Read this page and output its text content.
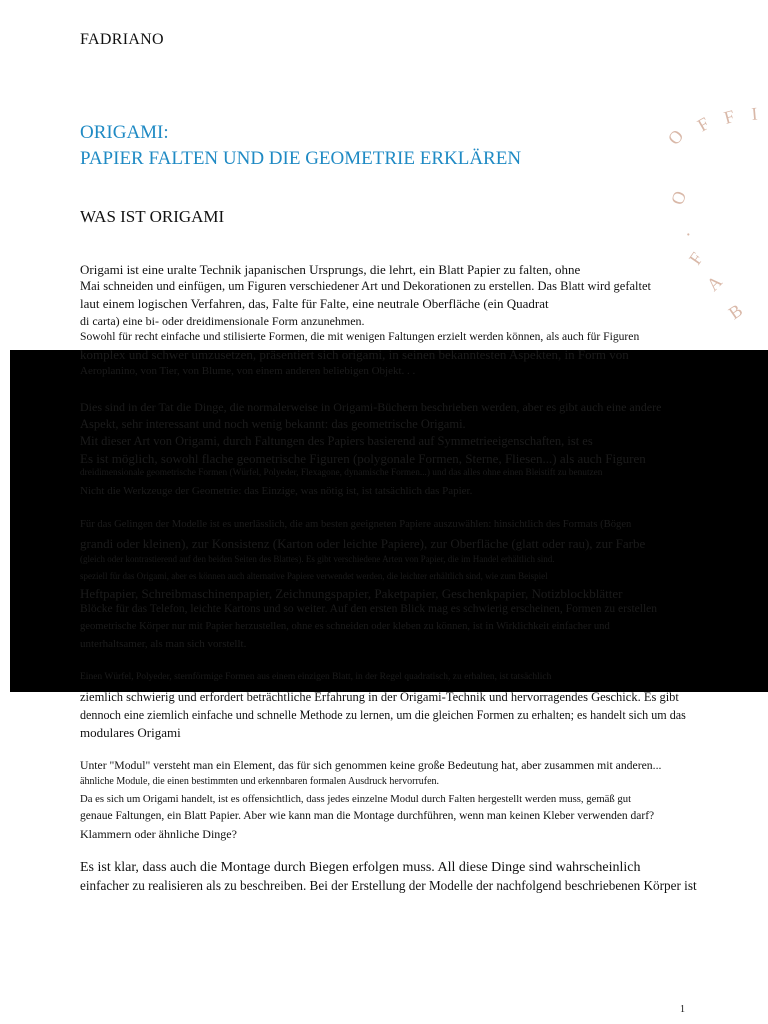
FADRIANO
ORIGAMI:
PAPIER FALTEN UND DIE GEOMETRIE ERKLÄREN
WAS IST ORIGAMI
O
F F I
O
·
F
A
B
Origami ist eine uralte Technik japanischen Ursprungs, die lehrt, ein Blatt Papier zu falten, ohne
Mai schneiden und einfügen, um Figuren verschiedener Art und Dekorationen zu erstellen. Das Blatt wird gefaltet
laut einem logischen Verfahren, das, Falte für Falte, eine neutrale Oberfläche (ein Quadrat
di carta) eine bi- oder dreidimensionale Form anzunehmen.
Sowohl für recht einfache und stilisierte Formen, die mit wenigen Faltungen erzielt werden können, als auch für Figuren
komplex und schwer umzusetzen, präsentiert sich origami, in seinen bekanntesten Aspekten, in Form von
Aeroplanino, von Tier, von Blume, von einem anderen beliebigen Objekt. . .
Dies sind in der Tat die Dinge, die normalerweise in Origami-Büchern beschrieben werden, aber es gibt auch eine andere
Aspekt, sehr interessant und noch wenig bekannt: das geometrische Origami.
Mit dieser Art von Origami, durch Faltungen des Papiers basierend auf Symmetrieeigenschaften, ist es
Es ist möglich, sowohl flache geometrische Figuren (polygonale Formen, Sterne, Fliesen...) als auch Figuren
dreidimensionale geometrische Formen (Würfel, Polyeder, Flexagone, dynamische Formen...) und das alles ohne einen Bleistift zu benutzen
Nicht die Werkzeuge der Geometrie: das Einzige, was nötig ist, ist tatsächlich das Papier.
Für das Gelingen der Modelle ist es unerlässlich, die am besten geeigneten Papiere auszuwählen: hinsichtlich des Formats (Bögen
grandi oder kleinen), zur Konsistenz (Karton oder leichte Papiere), zur Oberfläche (glatt oder rau), zur Farbe
(gleich oder kontrastierend auf den beiden Seiten des Blattes). Es gibt verschiedene Arten von Papier, die im Handel erhältlich sind.
speziell für das Origami, aber es können auch alternative Papiere verwendet werden, die leichter erhältlich sind, wie zum Beispiel
Heftpapier, Schreibmaschinenpapier, Zeichnungspapier, Paketpapier, Geschenkpapier, Notizblockblätter
Blöcke für das Telefon, leichte Kartons und so weiter. Auf den ersten Blick mag es schwierig erscheinen, Formen zu erstellen
geometrische Körper nur mit Papier herzustellen, ohne es schneiden oder kleben zu können, ist in Wirklichkeit einfacher und
unterhaltsamer, als man sich vorstellt.
Einen Würfel, Polyeder, sternförmige Formen aus einem einzigen Blatt, in der Regel quadratisch, zu erhalten, ist tatsächlich
ziemlich schwierig und erfordert beträchtliche Erfahrung in der Origami-Technik und hervorragendes Geschick. Es gibt
dennoch eine ziemlich einfache und schnelle Methode zu lernen, um die gleichen Formen zu erhalten; es handelt sich um das
modulares Origami
Unter "Modul" versteht man ein Element, das für sich genommen keine große Bedeutung hat, aber zusammen mit anderen...
ähnliche Module, die einen bestimmten und erkennbaren formalen Ausdruck hervorrufen.
Da es sich um Origami handelt, ist es offensichtlich, dass jedes einzelne Modul durch Falten hergestellt werden muss, gemäß gut
genaue Faltungen, ein Blatt Papier. Aber wie kann man die Montage durchführen, wenn man keinen Kleber verwenden darf?
Klammern oder ähnliche Dinge?
Es ist klar, dass auch die Montage durch Biegen erfolgen muss. All diese Dinge sind wahrscheinlich
einfacher zu realisieren als zu beschreiben. Bei der Erstellung der Modelle der nachfolgend beschriebenen Körper ist
1
